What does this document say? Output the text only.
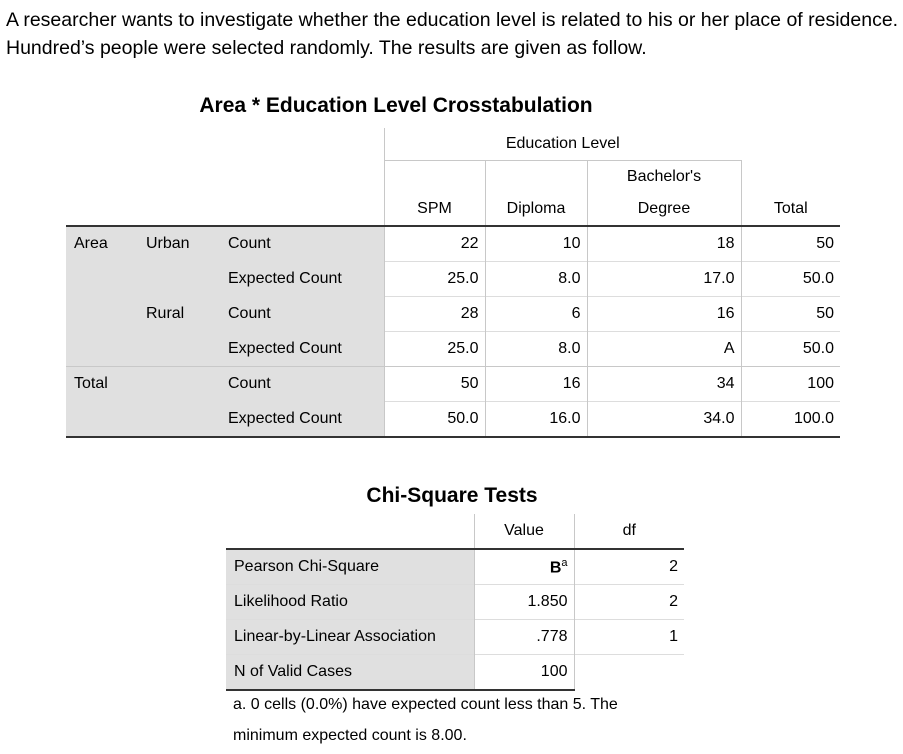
A researcher wants to investigate whether the education level is related to his or her place of residence. Hundred’s people were selected randomly. The results are given as follow.

Area * Education Level Crosstabulation
			Education Level			
					Bachelor's	
			SPM	Diploma	Degree	Total
Area	Urban	Count	22	10	18	50
		Expected Count	25.0	8.0	17.0	50.0
	Rural	Count	28	6	16	50
		Expected Count	25.0	8.0	A	50.0
Total		Count	50	16	34	100
		Expected Count	50.0	16.0	34.0	100.0
Chi-Square Tests
	Value	df
Pearson Chi-Square	$B^a$	2
Likelihood Ratio	1.850	2
Linear-by-Linear Association	.778	1
N of Valid Cases	100	
a. 0 cells (0.0%) have expected count less than 5. The minimum expected count is 8.00.
